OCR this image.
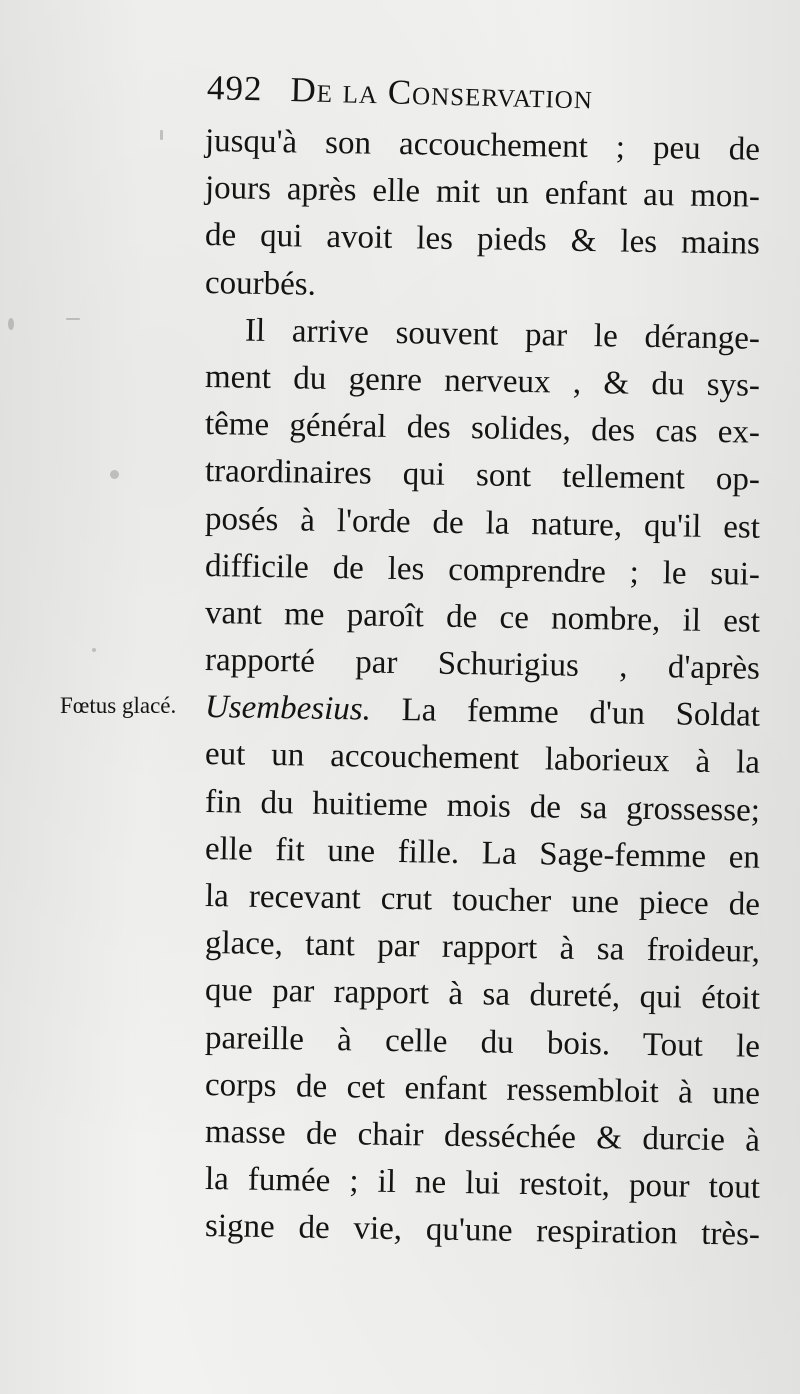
492 De la Conservation
Fœtus glacé.
jusqu'à son accouchement ; peu de
jours après elle mit un enfant au mon-
de qui avoit les pieds & les mains
courbés.
Il arrive souvent par le dérange-
ment du genre nerveux , & du sys-
tême général des solides, des cas ex-
traordinaires qui sont tellement op-
posés à l'orde de la nature, qu'il est
difficile de les comprendre ; le sui-
vant me paroît de ce nombre, il est
rapporté par Schurigius , d'après
Usembesius. La femme d'un Soldat
eut un accouchement laborieux à la
fin du huitieme mois de sa grossesse;
elle fit une fille. La Sage-femme en
la recevant crut toucher une piece de
glace, tant par rapport à sa froideur,
que par rapport à sa dureté, qui étoit
pareille à celle du bois. Tout le
corps de cet enfant ressembloit à une
masse de chair desséchée & durcie à
la fumée ; il ne lui restoit, pour tout
signe de vie, qu'une respiration très-
